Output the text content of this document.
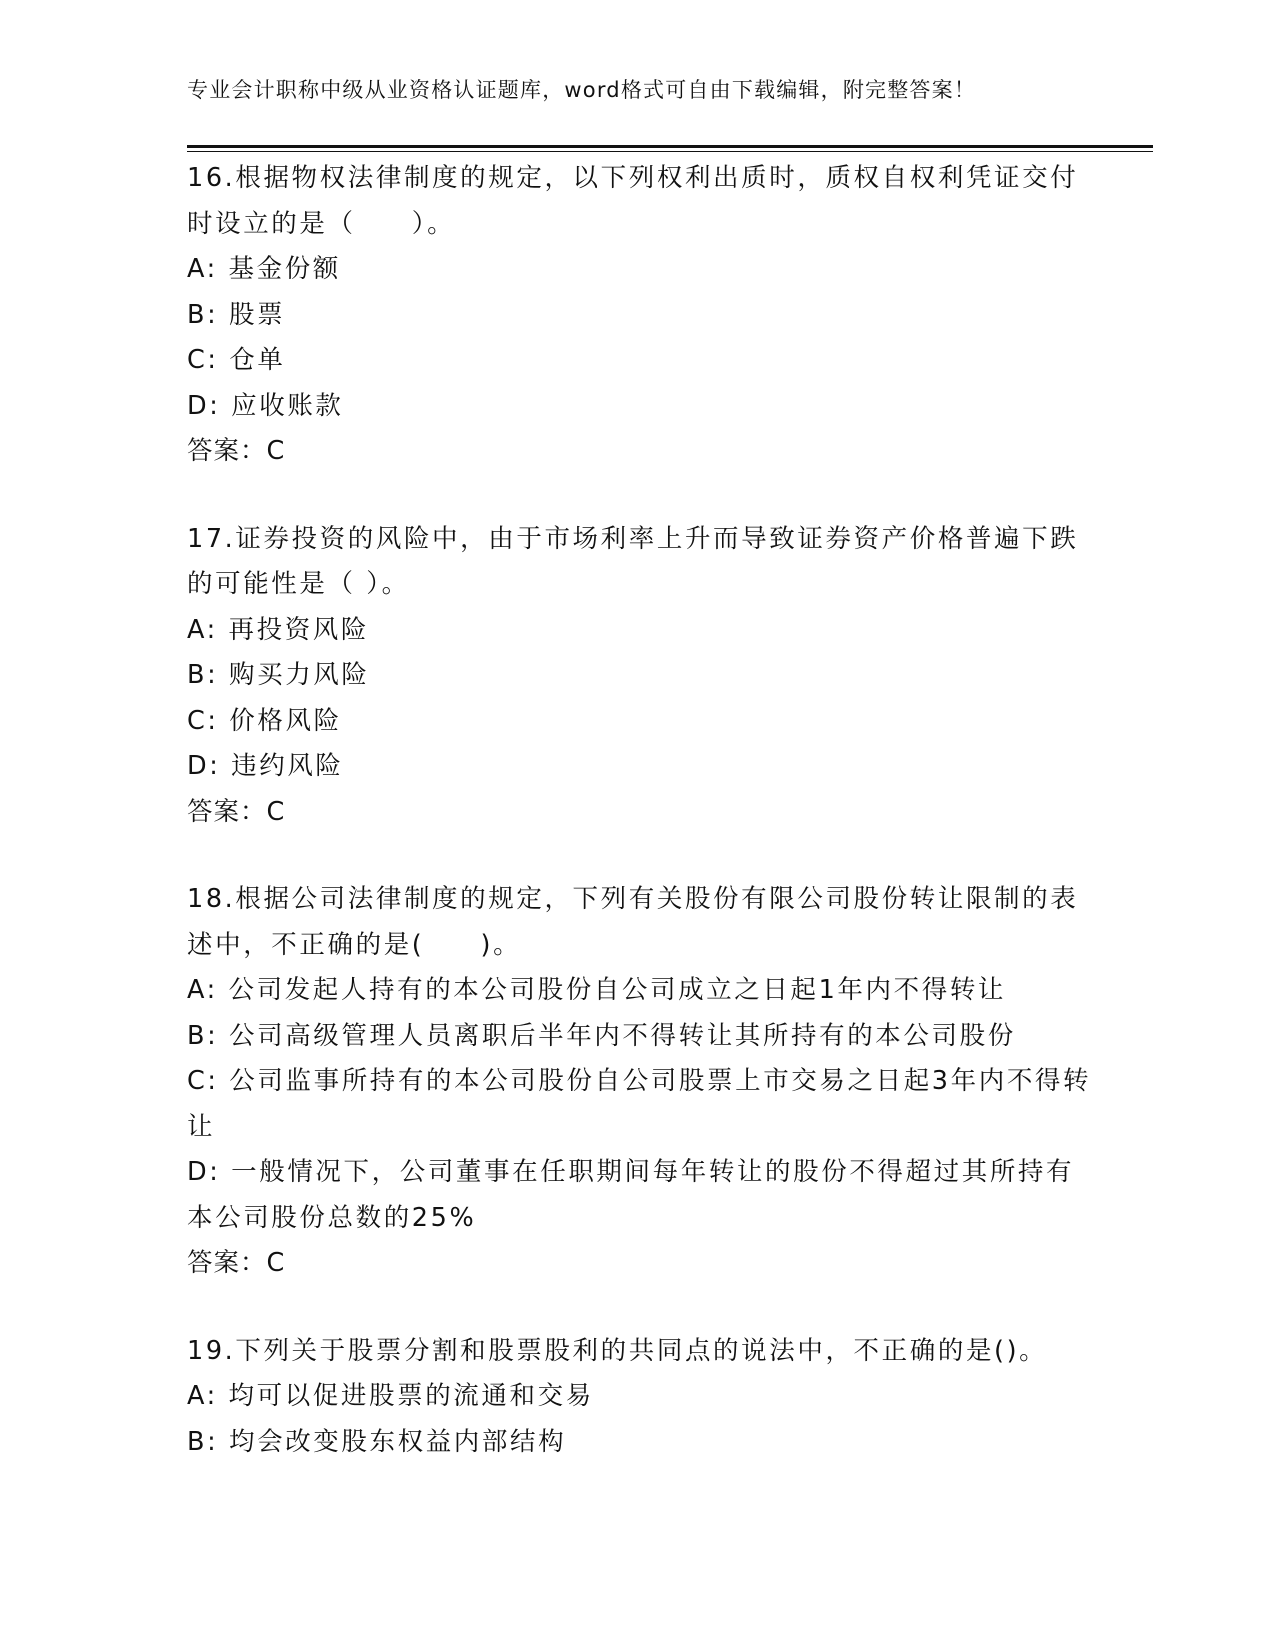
专业会计职称中级从业资格认证题库，word格式可自由下载编辑，附完整答案！

16.根据物权法律制度的规定，以下列权利出质时，质权自权利凭证交付时设立的是（　　）。

A: 基金份额

B: 股票

C: 仓单

D: 应收账款

答案：C

17.证券投资的风险中，由于市场利率上升而导致证券资产价格普遍下跌的可能性是（ ）。

A: 再投资风险

B: 购买力风险

C: 价格风险

D: 违约风险

答案：C

18.根据公司法律制度的规定，下列有关股份有限公司股份转让限制的表述中，不正确的是(　　)。

A: 公司发起人持有的本公司股份自公司成立之日起1年内不得转让

B: 公司高级管理人员离职后半年内不得转让其所持有的本公司股份

C: 公司监事所持有的本公司股份自公司股票上市交易之日起3年内不得转让

D: 一般情况下，公司董事在任职期间每年转让的股份不得超过其所持有本公司股份总数的25%

答案：C

19.下列关于股票分割和股票股利的共同点的说法中，不正确的是()。

A: 均可以促进股票的流通和交易

B: 均会改变股东权益内部结构
